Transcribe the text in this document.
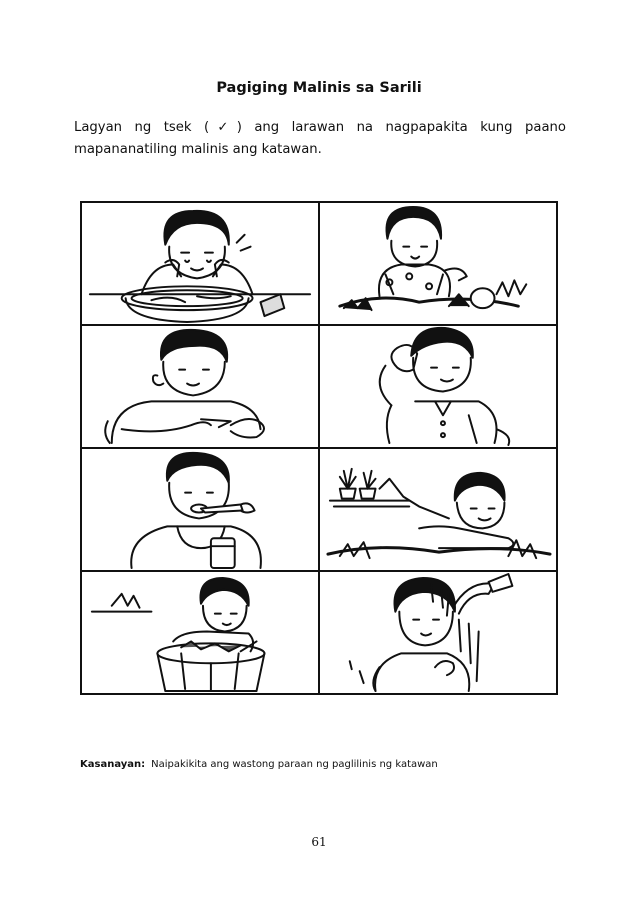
Pagiging Malinis sa Sarili
Lagyan ng tsek (✓) ang larawan na nagpapakita kung paano mapananatiling malinis ang katawan.
Kasanayan: Naipakikita ang wastong paraan ng paglilinis ng katawan
61
